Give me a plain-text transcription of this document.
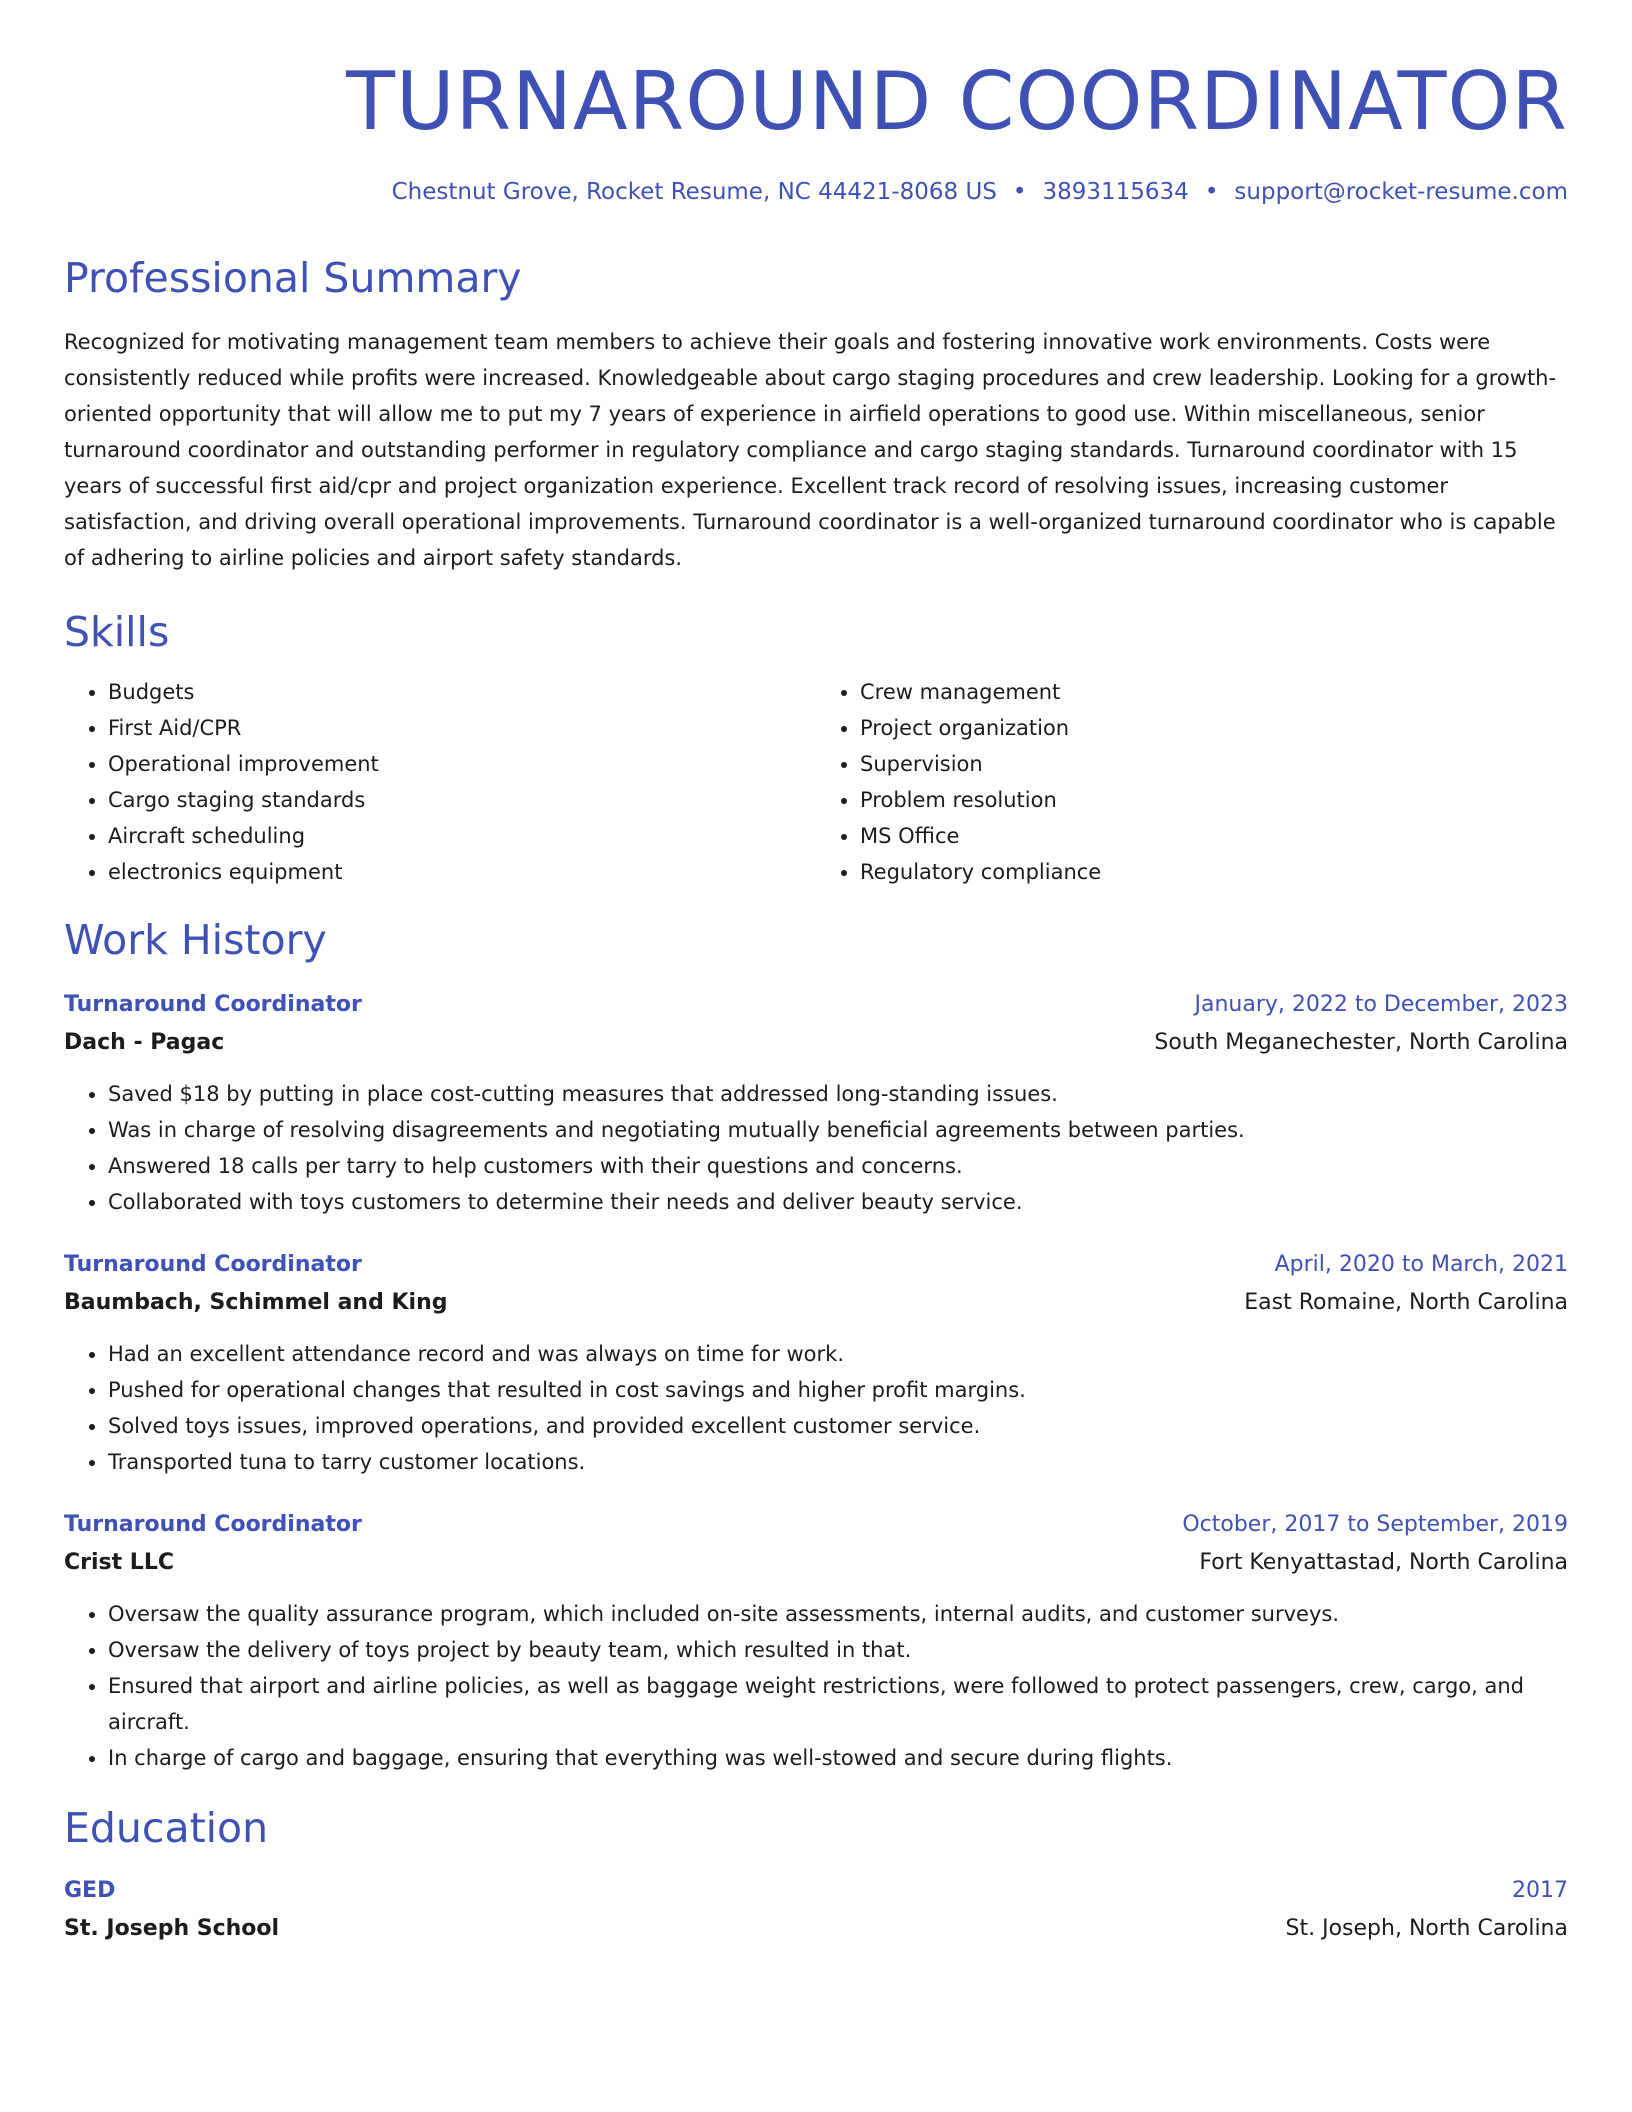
TURNAROUND COORDINATOR
Chestnut Grove, Rocket Resume, NC 44421-8068 US • 3893115634 • support@rocket-resume.com
Professional Summary

Recognized for motivating management team members to achieve their goals and fostering innovative work environments. Costs were consistently reduced while profits were increased. Knowledgeable about cargo staging procedures and crew leadership. Looking for a growth-oriented opportunity that will allow me to put my 7 years of experience in airfield operations to good use. Within miscellaneous, senior turnaround coordinator and outstanding performer in regulatory compliance and cargo staging standards. Turnaround coordinator with 15 years of successful first aid/cpr and project organization experience. Excellent track record of resolving issues, increasing customer satisfaction, and driving overall operational improvements. Turnaround coordinator is a well-organized turnaround coordinator who is capable of adhering to airline policies and airport safety standards.

Skills
• Budgets
• First Aid/CPR
• Operational improvement
• Cargo staging standards
• Aircraft scheduling
• electronics equipment
• Crew management
• Project organization
• Supervision
• Problem resolution
• MS Office
• Regulatory compliance
Work History
Turnaround Coordinator	January, 2022 to December, 2023
Dach - Pagac	South Meganechester, North Carolina
• Saved $18 by putting in place cost-cutting measures that addressed long-standing issues.
• Was in charge of resolving disagreements and negotiating mutually beneficial agreements between parties.
• Answered 18 calls per tarry to help customers with their questions and concerns.
• Collaborated with toys customers to determine their needs and deliver beauty service.
Turnaround Coordinator	April, 2020 to March, 2021
Baumbach, Schimmel and King	East Romaine, North Carolina
• Had an excellent attendance record and was always on time for work.
• Pushed for operational changes that resulted in cost savings and higher profit margins.
• Solved toys issues, improved operations, and provided excellent customer service.
• Transported tuna to tarry customer locations.
Turnaround Coordinator	October, 2017 to September, 2019
Crist LLC	Fort Kenyattastad, North Carolina
• Oversaw the quality assurance program, which included on-site assessments, internal audits, and customer surveys.
• Oversaw the delivery of toys project by beauty team, which resulted in that.
• Ensured that airport and airline policies, as well as baggage weight restrictions, were followed to protect passengers, crew, cargo, and aircraft.
• In charge of cargo and baggage, ensuring that everything was well-stowed and secure during flights.
Education
GED	2017
St. Joseph School	St. Joseph, North Carolina
